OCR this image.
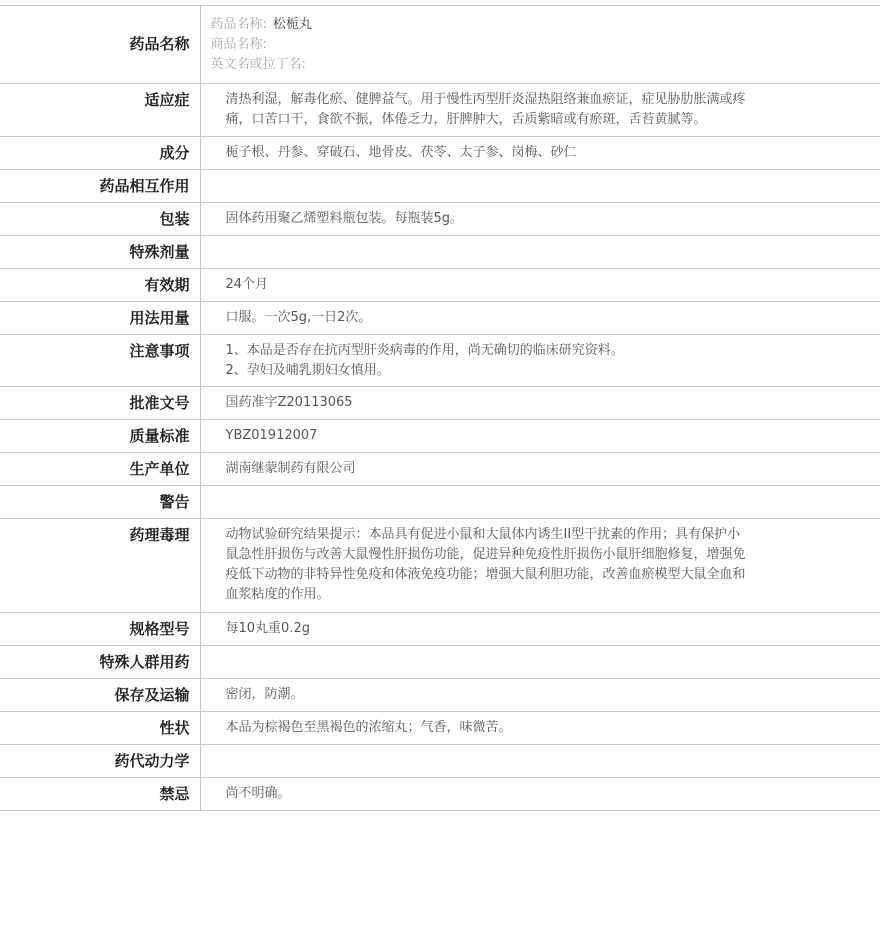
药品名称	药品名称: 松栀丸
商品名称:
英文名或拉丁名:

适应症	清热利湿，解毒化瘀、健脾益气。用于慢性丙型肝炎湿热阻络兼血瘀证，症见胁肋胀满或疼
痛，口苦口干，食欲不振，体倦乏力，肝脾肿大，舌质紫暗或有瘀斑，舌苔黄腻等。

成分	栀子根、丹参、穿破石、地骨皮、茯苓、太子参、岗梅、砂仁

药品相互作用	
包装	固体药用聚乙烯塑料瓶包装。每瓶装5g。

特殊剂量	
有效期	24个月

用法用量	口服。一次5g,一日2次。

注意事项	1、本品是否存在抗丙型肝炎病毒的作用，尚无确切的临床研究资料。
2、孕妇及哺乳期妇女慎用。

批准文号	国药准字Z20113065

质量标准	YBZ01912007

生产单位	湖南继蒙制药有限公司

警告	
药理毒理	动物试验研究结果提示：本品具有促进小鼠和大鼠体内诱生II型干扰素的作用；具有保护小
鼠急性肝损伤与改善大鼠慢性肝损伤功能，促进异种免疫性肝损伤小鼠肝细胞修复，增强免
疫低下动物的非特异性免疫和体液免疫功能；增强大鼠利胆功能，改善血瘀模型大鼠全血和
血浆粘度的作用。

规格型号	每10丸重0.2g

特殊人群用药	
保存及运输	密闭，防潮。

性状	本品为棕褐色至黑褐色的浓缩丸；气香，味微苦。

药代动力学	
禁忌	尚不明确。
